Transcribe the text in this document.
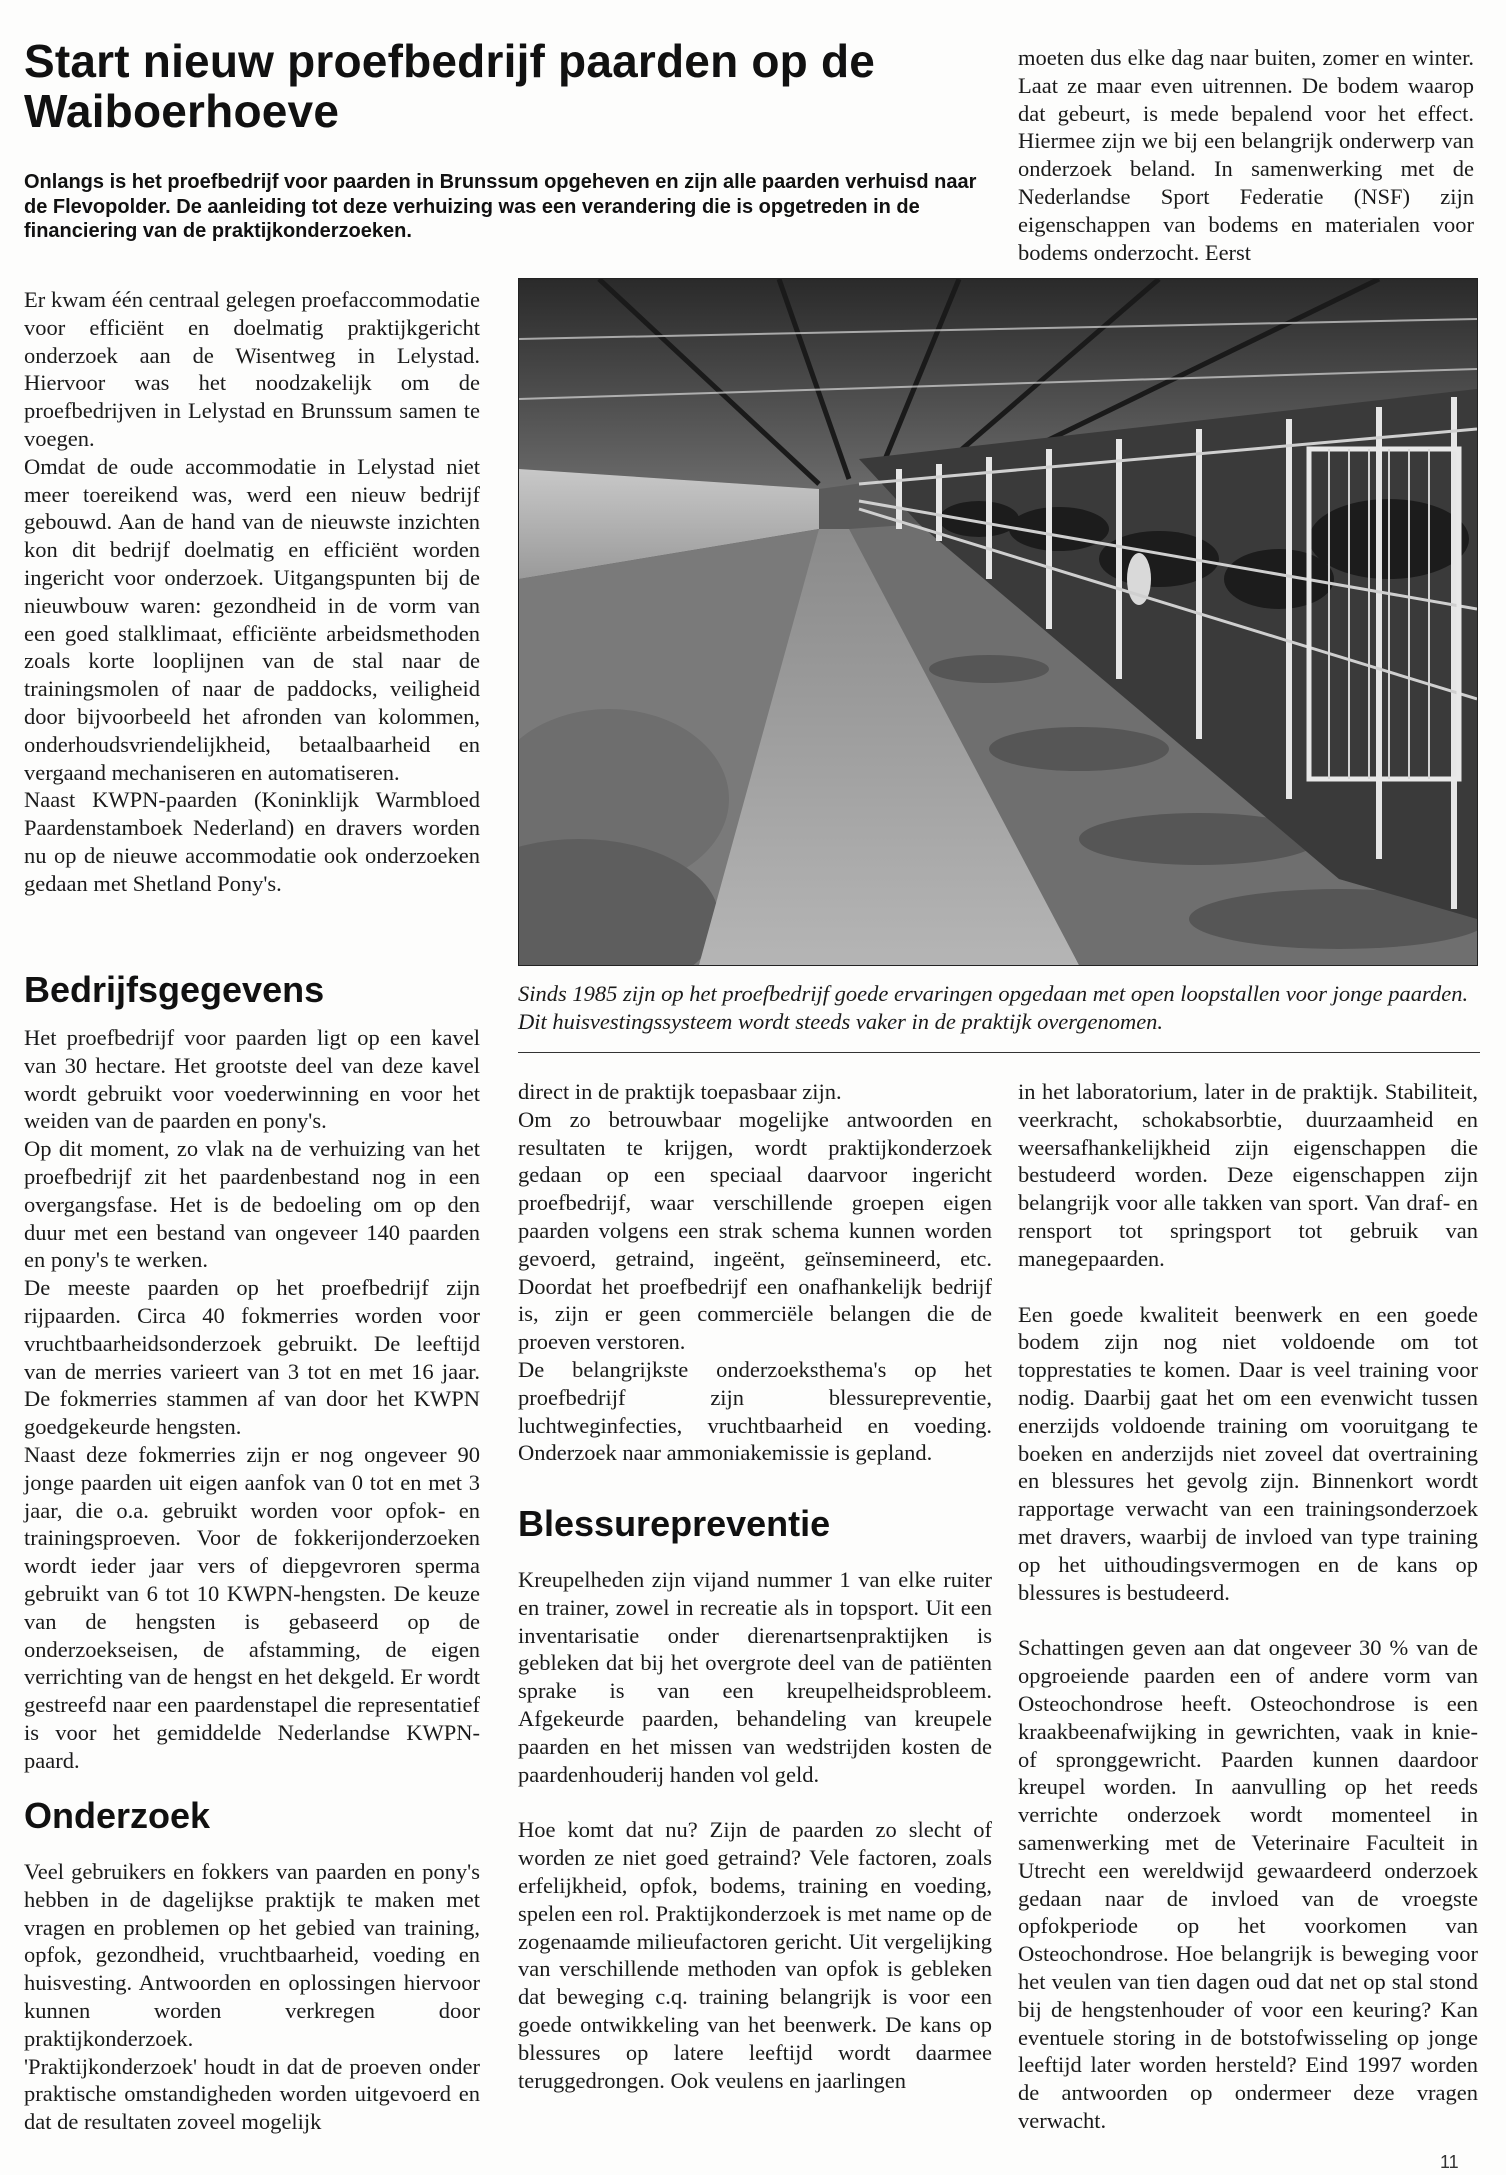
Start nieuw proefbedrijf paarden op de Waiboerhoeve

Onlangs is het proefbedrijf voor paarden in Brunssum opgeheven en zijn alle paarden verhuisd naar de Flevopolder. De aanleiding tot deze verhuizing was een verandering die is opgetreden in de financiering van de praktijkonderzoeken.

Er kwam één centraal gelegen proefaccommodatie voor efficiënt en doelmatig praktijkgericht onderzoek aan de Wisentweg in Lelystad. Hiervoor was het noodzakelijk om de proefbedrijven in Lelystad en Brunssum samen te voegen.

Omdat de oude accommodatie in Lelystad niet meer toereikend was, werd een nieuw bedrijf gebouwd. Aan de hand van de nieuwste inzichten kon dit bedrijf doelmatig en efficiënt worden ingericht voor onderzoek. Uitgangspunten bij de nieuwbouw waren: gezondheid in de vorm van een goed stalklimaat, efficiënte arbeidsmethoden zoals korte looplijnen van de stal naar de trainingsmolen of naar de paddocks, veiligheid door bijvoorbeeld het afronden van kolommen, onderhoudsvriendelijkheid, betaalbaarheid en vergaand mechaniseren en automatiseren.

Naast KWPN-paarden (Koninklijk Warmbloed Paardenstamboek Nederland) en dravers worden nu op de nieuwe accommodatie ook onderzoeken gedaan met Shetland Pony's.

Bedrijfsgegevens

Het proefbedrijf voor paarden ligt op een kavel van 30 hectare. Het grootste deel van deze kavel wordt gebruikt voor voederwinning en voor het weiden van de paarden en pony's.

Op dit moment, zo vlak na de verhuizing van het proefbedrijf zit het paardenbestand nog in een overgangsfase. Het is de bedoeling om op den duur met een bestand van ongeveer 140 paarden en pony's te werken.

De meeste paarden op het proefbedrijf zijn rijpaarden. Circa 40 fokmerries worden voor vruchtbaarheidsonderzoek gebruikt. De leeftijd van de merries varieert van 3 tot en met 16 jaar. De fokmerries stammen af van door het KWPN goedgekeurde hengsten.

Naast deze fokmerries zijn er nog ongeveer 90 jonge paarden uit eigen aanfok van 0 tot en met 3 jaar, die o.a. gebruikt worden voor opfok- en trainingsproeven. Voor de fokkerijonderzoeken wordt ieder jaar vers of diepgevroren sperma gebruikt van 6 tot 10 KWPN-hengsten. De keuze van de hengsten is gebaseerd op de onderzoekseisen, de afstamming, de eigen verrichting van de hengst en het dekgeld. Er wordt gestreefd naar een paardenstapel die representatief is voor het gemiddelde Nederlandse KWPN-paard.

Onderzoek

Veel gebruikers en fokkers van paarden en pony's hebben in de dagelijkse praktijk te maken met vragen en problemen op het gebied van training, opfok, gezondheid, vruchtbaarheid, voeding en huisvesting. Antwoorden en oplossingen hiervoor kunnen worden verkregen door praktijkonderzoek.

'Praktijkonderzoek' houdt in dat de proeven onder praktische omstandigheden worden uitgevoerd en dat de resultaten zoveel mogelijk

moeten dus elke dag naar buiten, zomer en winter. Laat ze maar even uitrennen. De bodem waarop dat gebeurt, is mede bepalend voor het effect. Hiermee zijn we bij een belangrijk onderwerp van onderzoek beland. In samenwerking met de Nederlandse Sport Federatie (NSF) zijn eigenschappen van bodems en materialen voor bodems onderzocht. Eerst

Sinds 1985 zijn op het proefbedrijf goede ervaringen opgedaan met open loopstallen voor jonge paarden. Dit huisvestingssysteem wordt steeds vaker in de praktijk overgenomen.

direct in de praktijk toepasbaar zijn.

Om zo betrouwbaar mogelijke antwoorden en resultaten te krijgen, wordt praktijkonderzoek gedaan op een speciaal daarvoor ingericht proefbedrijf, waar verschillende groepen eigen paarden volgens een strak schema kunnen worden gevoerd, getraind, ingeënt, geïnsemineerd, etc. Doordat het proefbedrijf een onafhankelijk bedrijf is, zijn er geen commerciële belangen die de proeven verstoren.

De belangrijkste onderzoeksthema's op het proefbedrijf zijn blessurepreventie, luchtweginfecties, vruchtbaarheid en voeding. Onderzoek naar ammoniakemissie is gepland.

Blessurepreventie

Kreupelheden zijn vijand nummer 1 van elke ruiter en trainer, zowel in recreatie als in topsport. Uit een inventarisatie onder dierenartsenpraktijken is gebleken dat bij het overgrote deel van de patiënten sprake is van een kreupelheidsprobleem. Afgekeurde paarden, behandeling van kreupele paarden en het missen van wedstrijden kosten de paardenhouderij handen vol geld.

Hoe komt dat nu? Zijn de paarden zo slecht of worden ze niet goed getraind? Vele factoren, zoals erfelijkheid, opfok, bodems, training en voeding, spelen een rol. Praktijkonderzoek is met name op de zogenaamde milieufactoren gericht. Uit vergelijking van verschillende methoden van opfok is gebleken dat beweging c.q. training belangrijk is voor een goede ontwikkeling van het beenwerk. De kans op blessures op latere leeftijd wordt daarmee teruggedrongen. Ook veulens en jaarlingen

in het laboratorium, later in de praktijk. Stabiliteit, veerkracht, schokabsorbtie, duurzaamheid en weersafhankelijkheid zijn eigenschappen die bestudeerd worden. Deze eigenschappen zijn belangrijk voor alle takken van sport. Van draf- en rensport tot springsport tot gebruik van manegepaarden.

Een goede kwaliteit beenwerk en een goede bodem zijn nog niet voldoende om tot topprestaties te komen. Daar is veel training voor nodig. Daarbij gaat het om een evenwicht tussen enerzijds voldoende training om vooruitgang te boeken en anderzijds niet zoveel dat overtraining en blessures het gevolg zijn. Binnenkort wordt rapportage verwacht van een trainingsonderzoek met dravers, waarbij de invloed van type training op het uithoudingsvermogen en de kans op blessures is bestudeerd.

Schattingen geven aan dat ongeveer 30 % van de opgroeiende paarden een of andere vorm van Osteochondrose heeft. Osteochondrose is een kraakbeenafwijking in gewrichten, vaak in knie- of spronggewricht. Paarden kunnen daardoor kreupel worden. In aanvulling op het reeds verrichte onderzoek wordt momenteel in samenwerking met de Veterinaire Faculteit in Utrecht een wereldwijd gewaardeerd onderzoek gedaan naar de invloed van de vroegste opfokperiode op het voorkomen van Osteochondrose. Hoe belangrijk is beweging voor het veulen van tien dagen oud dat net op stal stond bij de hengstenhouder of voor een keuring? Kan eventuele storing in de botstofwisseling op jonge leeftijd later worden hersteld? Eind 1997 worden de antwoorden op ondermeer deze vragen verwacht.

11
